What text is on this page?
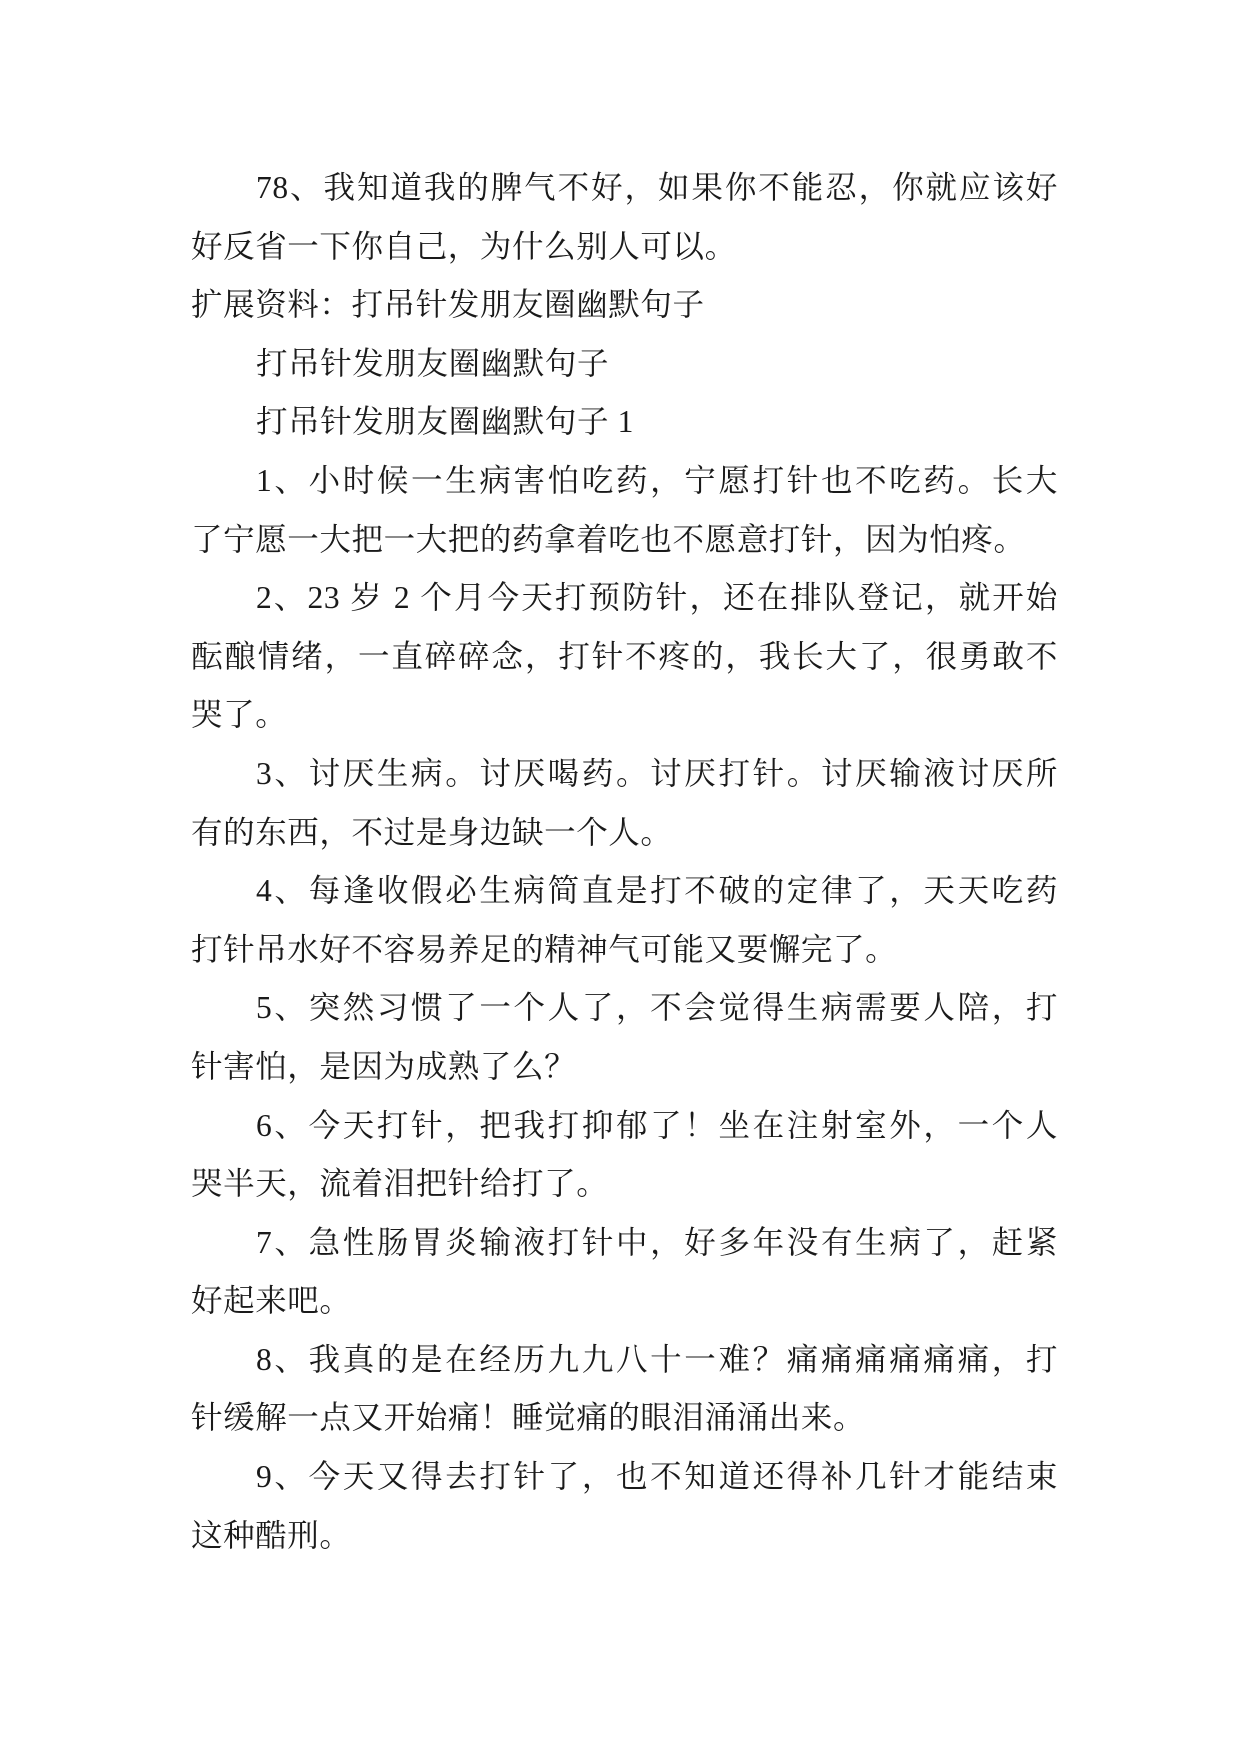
78、我知道我的脾气不好，如果你不能忍，你就应该好
好反省一下你自己，为什么别人可以。
扩展资料：打吊针发朋友圈幽默句子
打吊针发朋友圈幽默句子
打吊针发朋友圈幽默句子 1
1、小时候一生病害怕吃药，宁愿打针也不吃药。长大
了宁愿一大把一大把的药拿着吃也不愿意打针，因为怕疼。
2、23 岁 2 个月今天打预防针，还在排队登记，就开始
酝酿情绪，一直碎碎念，打针不疼的，我长大了，很勇敢不
哭了。
3、讨厌生病。讨厌喝药。讨厌打针。讨厌输液讨厌所
有的东西，不过是身边缺一个人。
4、每逢收假必生病简直是打不破的定律了，天天吃药
打针吊水好不容易养足的精神气可能又要懈完了。
5、突然习惯了一个人了，不会觉得生病需要人陪，打
针害怕，是因为成熟了么？
6、今天打针，把我打抑郁了！坐在注射室外，一个人
哭半天，流着泪把针给打了。
7、急性肠胃炎输液打针中，好多年没有生病了，赶紧
好起来吧。
8、我真的是在经历九九八十一难？痛痛痛痛痛痛，打
针缓解一点又开始痛！睡觉痛的眼泪涌涌出来。
9、今天又得去打针了，也不知道还得补几针才能结束
这种酷刑。
